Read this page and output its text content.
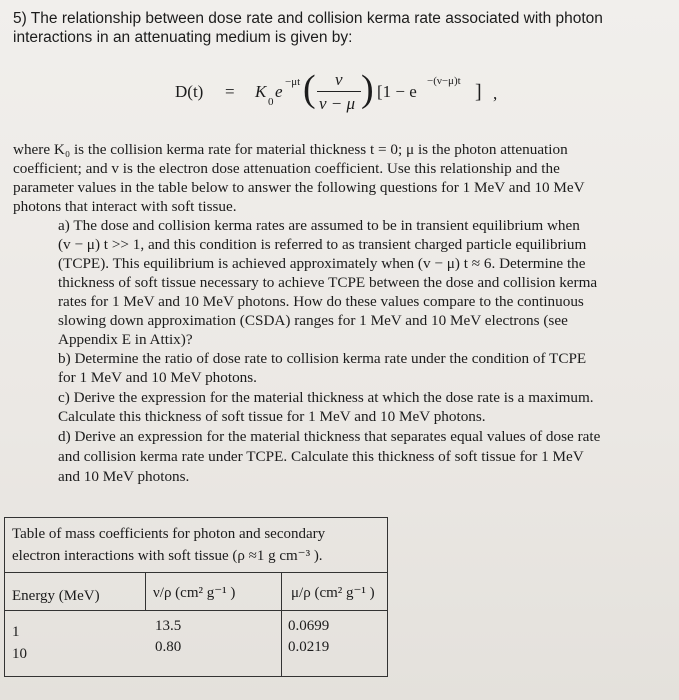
5) The relationship between dose rate and collision kerma rate associated with photon
interactions in an attenuating medium is given by:
D(t) = K
0
e −μt ( ν
ν − μ ) [1 − e
−(ν−μ)t ] ,
where K₀ is the collision kerma rate for material thickness t = 0; μ is the photon attenuation
coefficient; and v is the electron dose attenuation coefficient. Use this relationship and the
parameter values in the table below to answer the following questions for 1 MeV and 10 MeV
photons that interact with soft tissue.
a) The dose and collision kerma rates are assumed to be in transient equilibrium when
(v − μ) t >> 1, and this condition is referred to as transient charged particle equilibrium
(TCPE). This equilibrium is achieved approximately when (v − μ) t ≈ 6. Determine the
thickness of soft tissue necessary to achieve TCPE between the dose and collision kerma
rates for 1 MeV and 10 MeV photons. How do these values compare to the continuous
slowing down approximation (CSDA) ranges for 1 MeV and 10 MeV electrons (see
Appendix E in Attix)?
b) Determine the ratio of dose rate to collision kerma rate under the condition of TCPE
for 1 MeV and 10 MeV photons.
c) Derive the expression for the material thickness at which the dose rate is a maximum.
Calculate this thickness of soft tissue for 1 MeV and 10 MeV photons.
d) Derive an expression for the material thickness that separates equal values of dose rate
and collision kerma rate under TCPE. Calculate this thickness of soft tissue for 1 MeV
and 10 MeV photons.
Table of mass coefficients for photon and secondary
electron interactions with soft tissue (ρ ≈1 g cm⁻³ ).
Energy (MeV)	ν/ρ (cm² g⁻¹ )	μ/ρ (cm² g⁻¹ )
1	13.5	0.0699
10	0.80	0.0219
